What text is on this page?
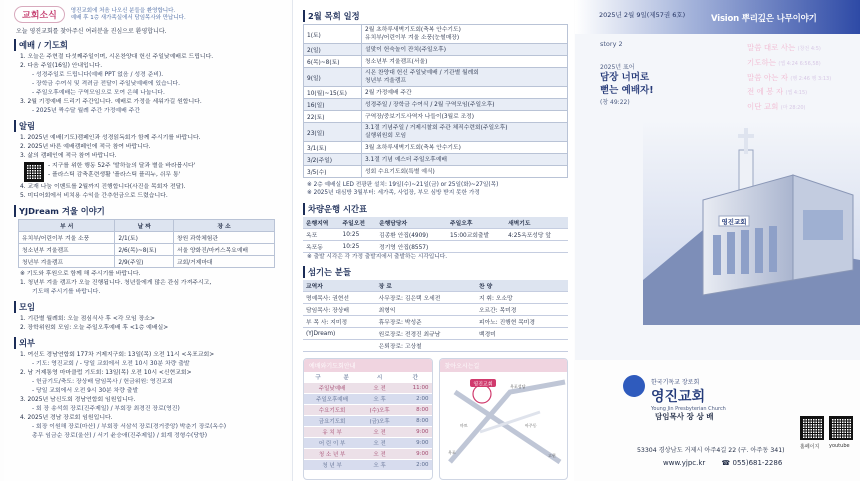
교회소식
영진교회에 처음 나오신 분들을 환영합니다.
예배 후 1층 새가족실에서 담임목사와 만납니다.
오늘 영진교회를 찾아주신 여러분을 진심으로 환영합니다.
예배 / 기도회
1. 오늘은 주현절 다섯째주일이며, 시온찬양대 헌신 주일낮예배로 드립니다.
2. 다음 주일(16일) 안내입니다.
- 성경주일로 드립니다(예배 PPT 없음 / 성경 준비).
- 장학금 수여식 및 격려금 전달이 주일낮예배에 있습니다.
- 주일오후예배는 구역모임으로 모여 은혜 나눕니다.
3. 2월 기정예배 드리기 주간입니다. 예배로 가정을 세워가길 원합니다.
- 2025년 짝수달 월례 주간 가정예배 주간
알림
1. 2025년 예배(기도)캠페인과 성경읽독회가 함께 주시기를 바랍니다.
2. 2025년 바른 예배캠페인에 적극 참여 바랍니다.
3. 삶의 캠페인에 적극 참여 바랍니다.
- 지구를 위한 행동 52주 '발하늘의 달과 별을 바라봅시다'
- 플라스틱 감축훈련생활 '플라스틱 플리누, 쉬무 통'
4. 교재 나눔 이벤트를 2월까지 진행합니다(사진을 목회자 전달).
5. 미디어회에서 비치용 수익을 간추헌금으로 드렸습니다.
YJDream 겨울 이야기
부 서	날 짜	장 소
유치부/어린이부 겨울 소풍	2/1(토)	창원 과학체험관
청소년부 겨울캠프	2/6(목)~8(토)	서울 양화진/마커스목요예배
청년부 겨울캠프	2/9(주일)	교회/거제마대
※ 기도와 후원으로 함께 해 주시기를 바랍니다.
1. 청년부 겨울 캠프가 오늘 진행됩니다. 청년들에게 많은 관심 가져주시고,
기도해 주시기를 바랍니다.
모임
1. 기관별 월례회: 오늘 점심식사 후 <각 모임 장소>
2. 장학위원회 모임: 오늘 주일오후예배 후 <1층 예배실>
외부
1. 여신도 경남연합회 177차 거제지구회: 13일(목) 오전 11시 <옥포교회>
- 기도: 영진교회 / - 당일 교회에서 오전 10시 30분 차량 출발
2. 남 거제통영 마마클럽 기도회: 13일(목) 오전 10시 <신현교회>
- 헌금기도/축도: 장상배 담임목사 / 헌금위원: 영진교회
- 당일 교회에서 오전 9시 30분 차량 출발
3. 2025년 남신도회 경남연합회 임원입니다.
- 회 장 송석희 장로(진주제일) / 부회장 최경진 장로(영진)
4. 2025년 경남 장로회 임원입니다.
- 회장 이원해 장로(마산) / 부회장 서삼석 장로(경거중앙) 박춘기 장로(옥수)
총무 임금순 장로(울산) / 서기 윤승애(진주제일) / 회계 정형수(당항)
2월 목회 일정
1(토)	2월 초하루새벽기도회(축복 안수기도)
유치부/어린이부 겨울 소풍(눈썰매장)
2(일)	설맞이 헌숙놀이 잔치(주일오후)
6(목)~8(토)	청소년부 겨울캠프(서울)
9(일)	시온 찬양대 헌신 주일낮예배 / 기관별 월례회
청년부 겨울캠프
10(월)~15(토)	2월 가정예배 주간
16(일)	성경주일 / 장학금 수여식 / 2월 구역모임(주일오후)
22(토)	구역장/중보기도사역자 나들이(3월로 조정)
23(일)	3.1절 기념주일 / 거제시찰회 주관 체직수련회(주일오후)
실행위원회 모임
3/1(토)	3월 초하루새벽기도회(축복 안수기도)
3/2(주일)	3.1절 기념 예스더 주일오후예배
3/5(수)	성회 수요기도회(특별 예식)
※ 2층 예배실 LED 전광판 설치: 19일(수)~21일(금) or 25일(화)~27일(목)
※ 2025년 대심방 3월부터: 세가족, 사업장, 부모 심방 받지 못한 가정
차량운행 시간표
운행지역	주일오전	운행담당자	주일오후	새벽기도
옥포	10:25	김종환 안집(4909)	15:00교회출발	4:25옥포성당 앞
옥포동	10:25	정기영 안집(8557)		
※ 출발 시각은 각 가정 출발지에서 출발하는 시각입니다.
섬기는 분들
교역자	장 로	찬 양
명예목사: 권현선	사무장로: 김은택 오세전	지 휘: 오소망
담임목사: 장상배	최형익	오르간: 목미경
부 목 사: 지미정	휴무장로: 박성준	피아노: 진행현 목미경
(YJDream)	원로장로: 전경진 최규남	백경미
	은퇴장로: 고상철	
예배와기도회안내
구	분	시	간
주일낮예배		오 전	11:00
주일오후예배		오 후	2:00
수요기도회		(수)오후	8:00
금요기도회		(금)오후	8:00
유 치 부		오 전	9:00
어 린 이 부		오 전	9:00
청 소 년 부		오 전	9:00
청 년 부		오 후	2:00
찾아오시는길
영진교회	옥포성당
마트	아주동
옥포
고현
2025년 2월 9일(제57권 6호)	Vision 뿌리깊은 나무이야기
story 2
2025년 표어
담장 너머로
뻗는 예배자!
(창 49:22)
말씀 대로 사는 (창전 4:5)
기도하는 (엡 4:24 6:56,58)
말씀 아는 자 (행 2:46 행 3:13)
전 에 봉 자 (엡 4:15)
이단 교회 (마 28:20)
영진교회
한국기독교 장로회
영진교회
Young Jin Presbyterian Church
담임목사 장 상 배
홈페이지 youtube
53304 경상남도 거제시 아주4길 22 (구. 아주동 341)
www.yjpc.kr ☎ 055)681-2286
